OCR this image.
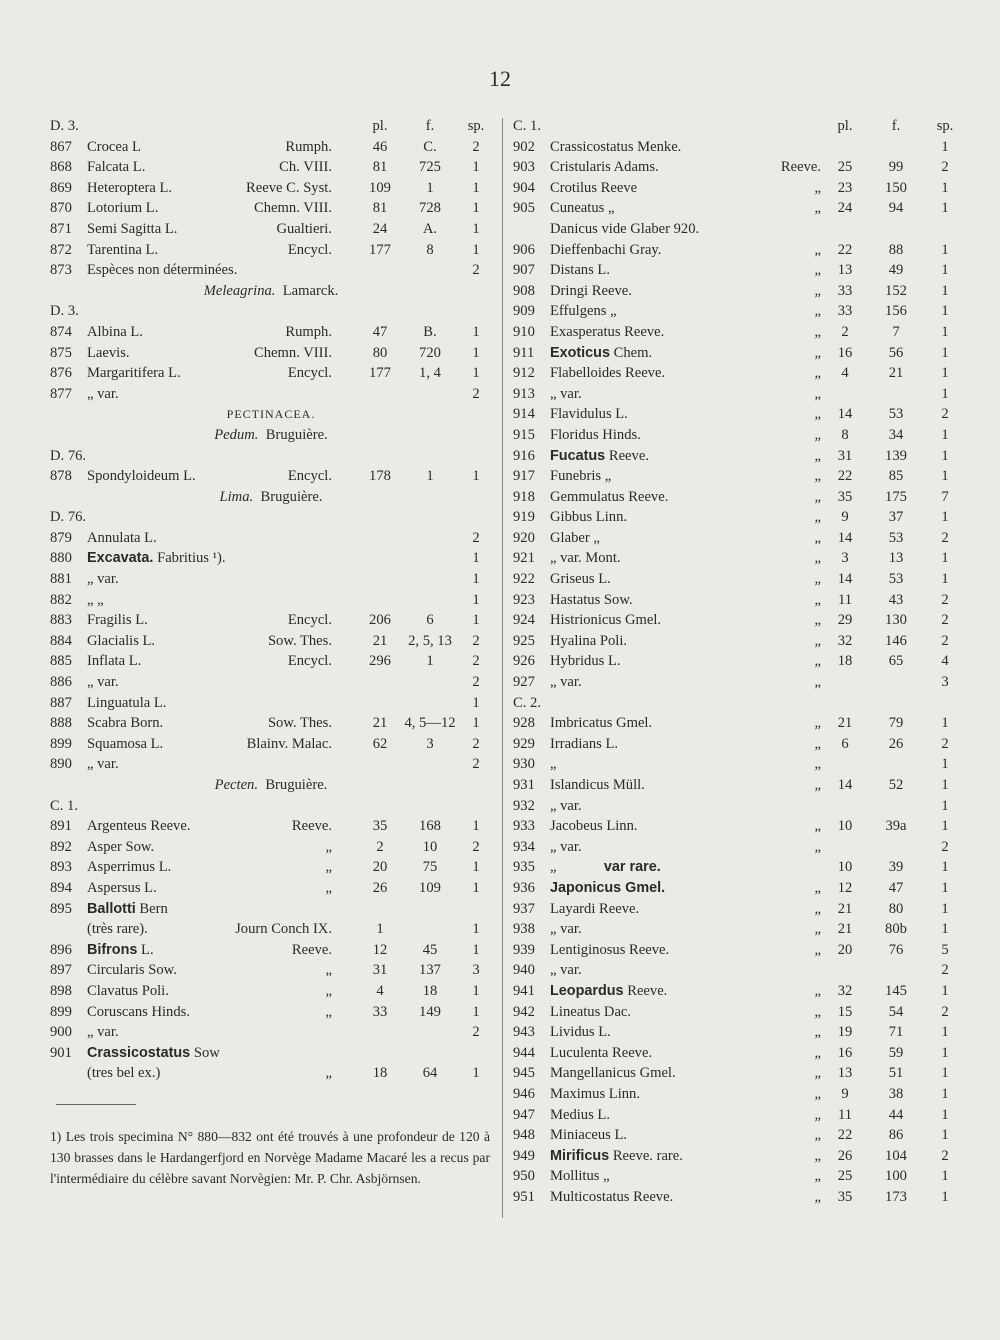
12
D. 3.	pl.	f.	sp.
867 Crocea L	Rumph.	46	C.	2
868 Falcata L.	Ch. VIII.	81	725	1
869 Heteroptera L.	Reeve C. Syst.	109	1	1
870 Lotorium L.	Chemn. VIII.	81	728	1
871 Semi Sagitta L.	Gualtieri.	24	A.	1
872 Tarentina L.	Encycl.	177	8	1
873 Espèces non déterminées.	2
Meleagrina. Lamarck.
D. 3.
874 Albina L.	Rumph.	47	B.	1
875 Laevis.	Chemn. VIII.	80	720	1
876 Margaritifera L.	Encycl.	177	1, 4	1
877 „ var.	2
PECTINACEA.
Pedum. Bruguière.
D. 76.
878 Spondyloideum L.	Encycl.	178	1	1
Lima. Bruguière.
D. 76.
879 Annulata L.	2
880 Excavata. Fabritius ¹).	1
881 „ var.	1
882 „ „	1
883 Fragilis L.	Encycl.	206	6	1
884 Glacialis L.	Sow. Thes.	21	2, 5, 13	2
885 Inflata L.	Encycl.	296	1	2
886 „ var.	2
887 Linguatula L.	1
888 Scabra Born.	Sow. Thes.	21	4, 5—12	1
899 Squamosa L.	Blainv. Malac.	62	3	2
890 „ var.	2
Pecten. Bruguière.
C. 1.
891 Argenteus Reeve.	Reeve.	35	168	1
892 Asper Sow.	„	2	10	2
893 Asperrimus L.	„	20	75	1
894 Aspersus L.	„	26	109	1
895 Ballotti Bern
(très rare).	Journ Conch IX.	1	1
896 Bifrons L.	Reeve.	12	45	1
897 Circularis Sow.	„	31	137	3
898 Clavatus Poli.	„	4	18	1
899 Coruscans Hinds.	„	33	149	1
900 „ var.	2
901 Crassicostatus Sow
(tres bel ex.)	„	18	64	1
C. 1.	pl.	f.	sp.
902 Crassicostatus Menke.	1
903 Cristularis Adams.	Reeve.	25	99	2
904 Crotilus Reeve	„	23	150	1
905 Cuneatus „	„	24	94	1
Danicus vide Glaber 920.
906 Dieffenbachi Gray.	„	22	88	1
907 Distans L.	„	13	49	1
908 Dringi Reeve.	„	33	152	1
909 Effulgens „	„	33	156	1
910 Exasperatus Reeve.	„	2	7	1
911 Exoticus Chem.	„	16	56	1
912 Flabelloides Reeve.	„	4	21	1
913 „ var.	„	1
914 Flavidulus L.	„	14	53	2
915 Floridus Hinds.	„	8	34	1
916 Fucatus Reeve.	„	31	139	1
917 Funebris „	„	22	85	1
918 Gemmulatus Reeve.	„	35	175	7
919 Gibbus Linn.	„	9	37	1
920 Glaber „	„	14	53	2
921 „ var. Mont.	„	3	13	1
922 Griseus L.	„	14	53	1
923 Hastatus Sow.	„	11	43	2
924 Histrionicus Gmel.	„	29	130	2
925 Hyalina Poli.	„	32	146	2
926 Hybridus L.	„	18	65	4
927 „ var.	„	3
C. 2.
928 Imbricatus Gmel.	„	21	79	1
929 Irradians L.	„	6	26	2
930 „	„	1
931 Islandicus Müll.	„	14	52	1
932 „ var.	1
933 Jacobeus Linn.	„	10	39a	1
934 „ var.	„	2
935 „	var rare.	10	39	1
936 Japonicus Gmel.	„	12	47	1
937 Layardi Reeve.	„	21	80	1
938 „ var.	„	21	80b	1
939 Lentiginosus Reeve.	„	20	76	5
940 „ var.	2
941 Leopardus Reeve.	„	32	145	1
942 Lineatus Dac.	„	15	54	2
943 Lividus L.	„	19	71	1
944 Luculenta Reeve.	„	16	59	1
945 Mangellanicus Gmel.	„	13	51	1
946 Maximus Linn.	„	9	38	1
947 Medius L.	„	11	44	1
948 Miniaceus L.	„	22	86	1
949 Mirificus Reeve. rare.	„	26	104	2
950 Mollitus „	„	25	100	1
951 Multicostatus Reeve.	„	35	173	1
1) Les trois specimina N° 880—832 ont été trouvés à une profondeur de 120 à 130 brasses dans le Hardangerfjord en Norvège Madame Macaré les a recus par l'intermédiaire du célèbre savant Norvègien: Mr. P. Chr. Asbjörnsen.
